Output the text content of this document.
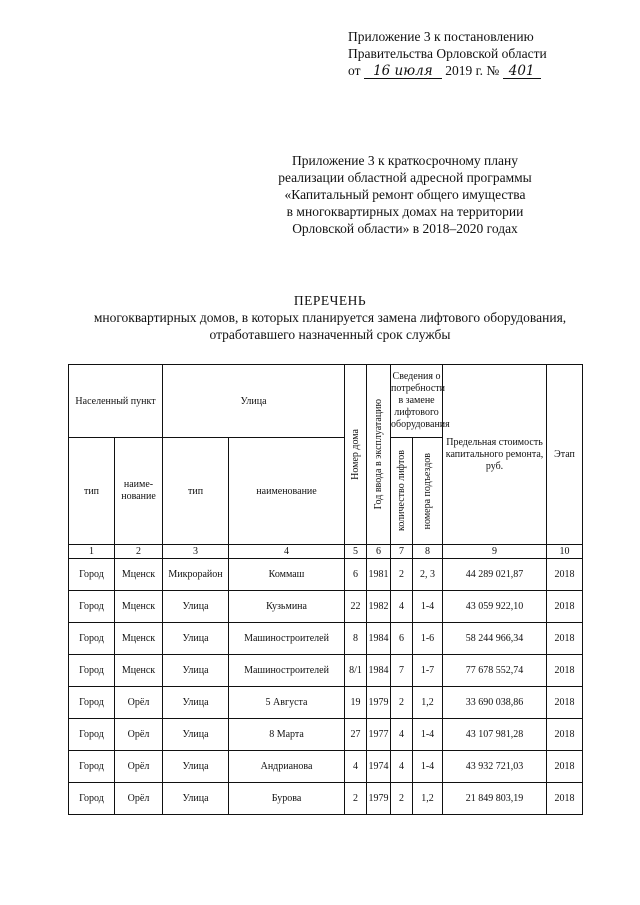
Приложение 3 к постановлению
Правительства Орловской области
от 16 июля 2019 г. № 401
Приложение 3 к краткосрочному плану
реализации областной адресной программы
«Капитальный ремонт общего имущества
в многоквартирных домах на территории
Орловской области» в 2018–2020 годах
ПЕРЕЧЕНЬ
многоквартирных домов, в которых планируется замена лифтового оборудования,
отработавшего назначенный срок службы
Населенный пункт		Улица		Номер дома	Год ввода в эксплуатацию	Сведения о потребности в замене лифтового оборудования		Предельная стоимость капитального ремонта, руб.	Этап
тип	наиме-нование	тип	наименование			количество лифтов	номера подъездов		

1	2	3	4	5	6	7	8	9	10
Город	Мценск	Микрорайон	Коммаш	6	1981	2	2, 3	44 289 021,87	2018
Город	Мценск	Улица	Кузьмина	22	1982	4	1-4	43 059 922,10	2018
Город	Мценск	Улица	Машиностроителей	8	1984	6	1-6	58 244 966,34	2018
Город	Мценск	Улица	Машиностроителей	8/1	1984	7	1-7	77 678 552,74	2018
Город	Орёл	Улица	5 Августа	19	1979	2	1,2	33 690 038,86	2018
Город	Орёл	Улица	8 Марта	27	1977	4	1-4	43 107 981,28	2018
Город	Орёл	Улица	Андрианова	4	1974	4	1-4	43 932 721,03	2018
Город	Орёл	Улица	Бурова	2	1979	2	1,2	21 849 803,19	2018
